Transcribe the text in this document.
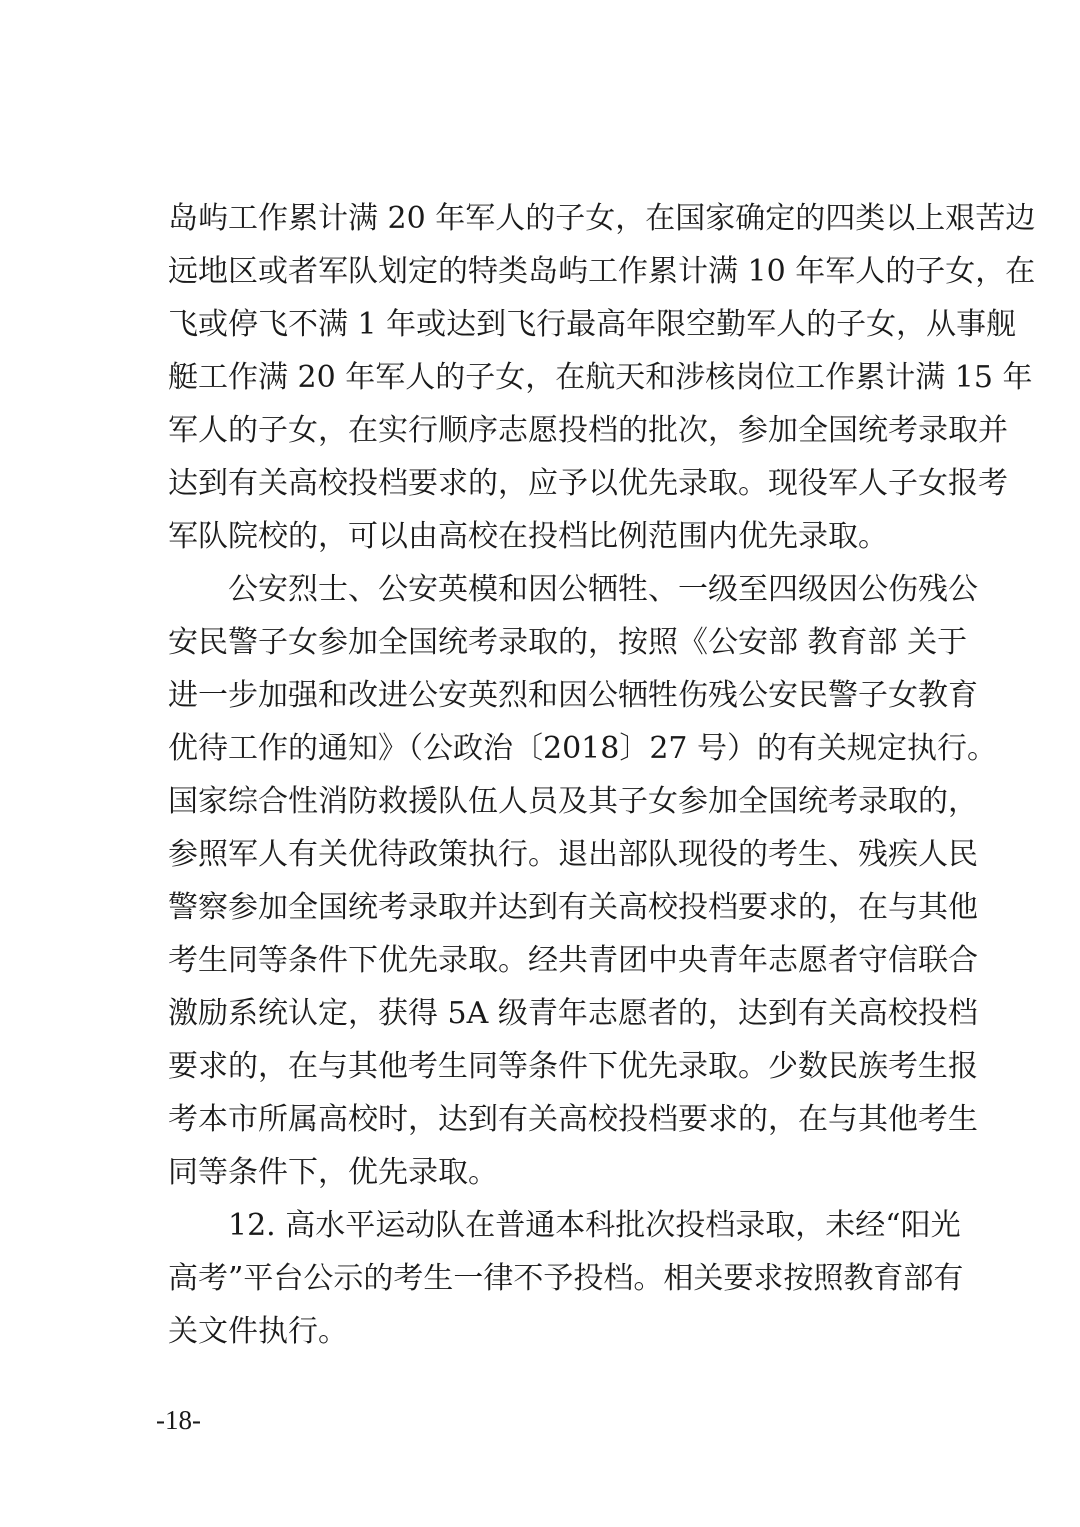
岛屿工作累计满 20 年军人的子女，在国家确定的四类以上艰苦边
远地区或者军队划定的特类岛屿工作累计满 10 年军人的子女，在
飞或停飞不满 1 年或达到飞行最高年限空勤军人的子女，从事舰
艇工作满 20 年军人的子女，在航天和涉核岗位工作累计满 15 年
军人的子女，在实行顺序志愿投档的批次，参加全国统考录取并
达到有关高校投档要求的，应予以优先录取。现役军人子女报考
军队院校的，可以由高校在投档比例范围内优先录取。
公安烈士、公安英模和因公牺牲、一级至四级因公伤残公
安民警子女参加全国统考录取的，按照《公安部 教育部 关于
进一步加强和改进公安英烈和因公牺牲伤残公安民警子女教育
优待工作的通知》（公政治〔2018〕27 号）的有关规定执行。
国家综合性消防救援队伍人员及其子女参加全国统考录取的，
参照军人有关优待政策执行。退出部队现役的考生、残疾人民
警察参加全国统考录取并达到有关高校投档要求的，在与其他
考生同等条件下优先录取。经共青团中央青年志愿者守信联合
激励系统认定，获得 5A 级青年志愿者的，达到有关高校投档
要求的，在与其他考生同等条件下优先录取。少数民族考生报
考本市所属高校时，达到有关高校投档要求的，在与其他考生
同等条件下，优先录取。
12. 高水平运动队在普通本科批次投档录取，未经“阳光
高考”平台公示的考生一律不予投档。相关要求按照教育部有
关文件执行。
-18-
